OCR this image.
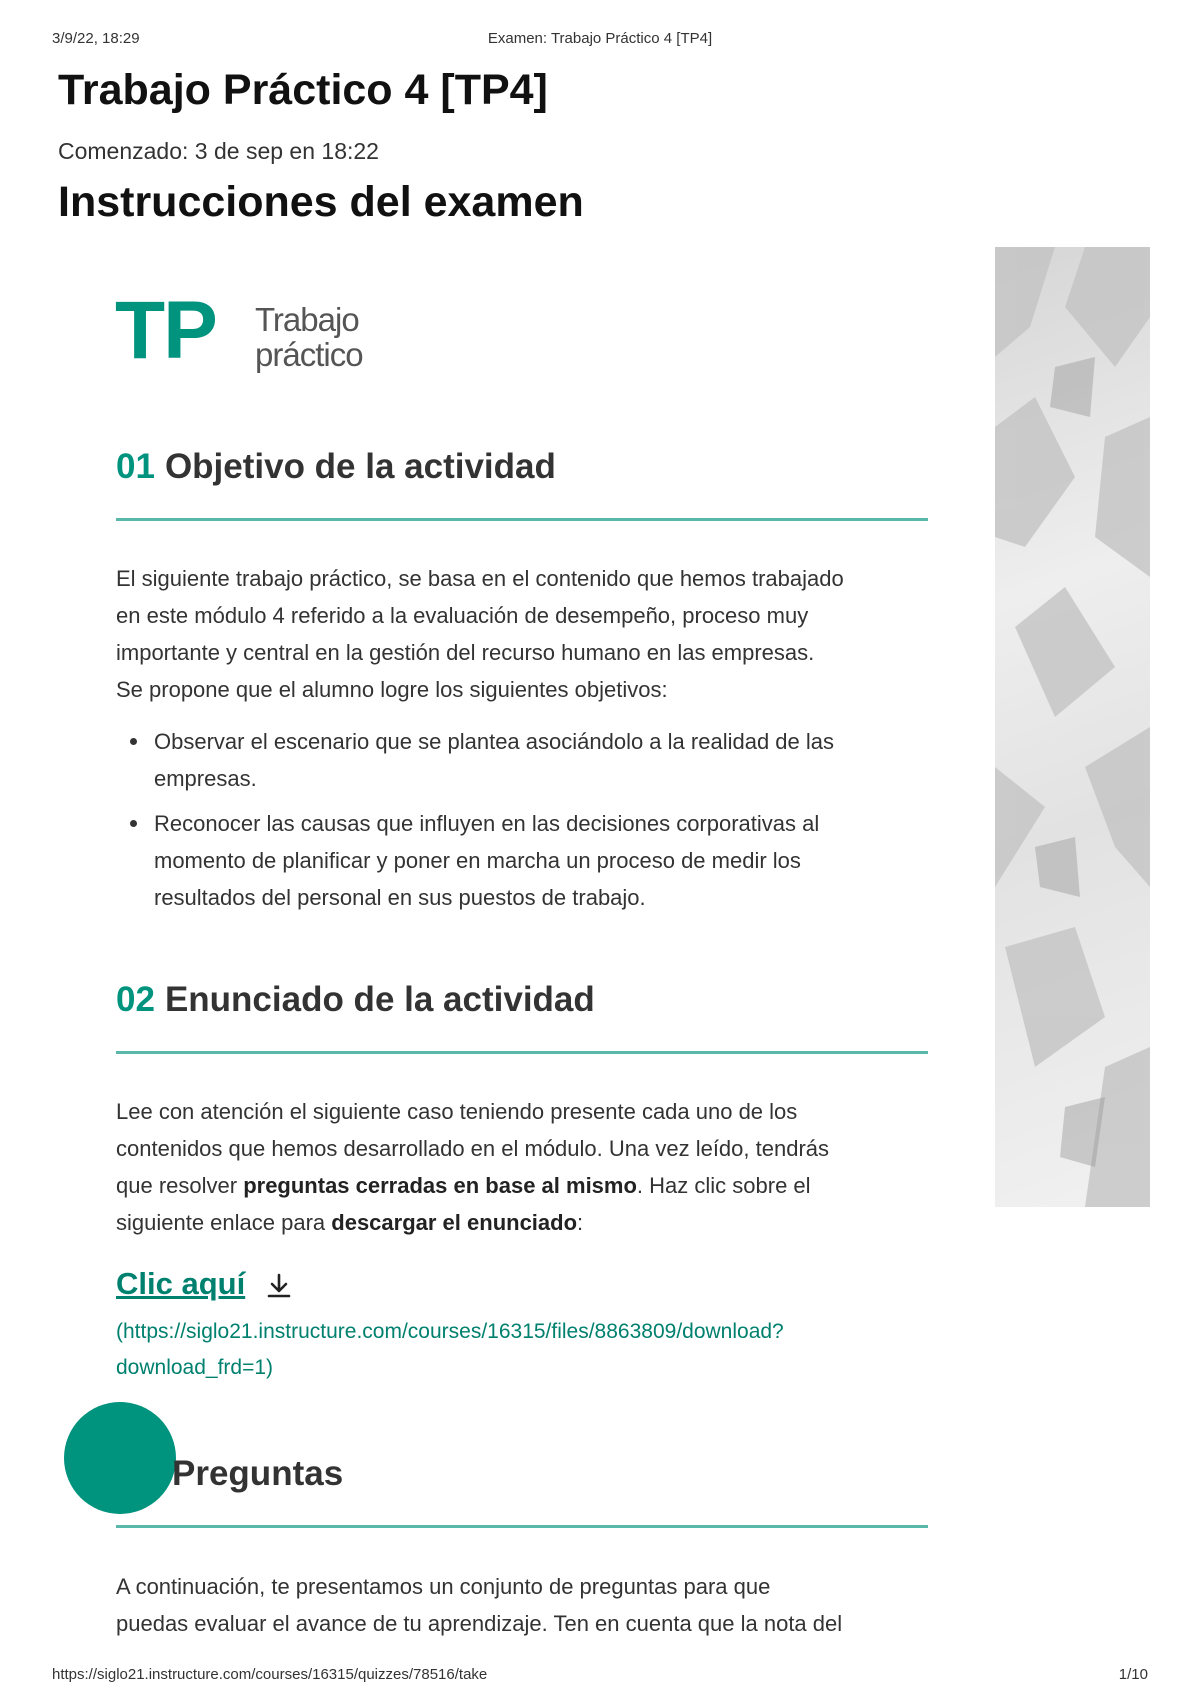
3/9/22, 18:29	Examen: Trabajo Práctico 4 [TP4]
Trabajo Práctico 4 [TP4]
Comenzado: 3 de sep en 18:22
Instrucciones del examen
TP Trabajo
práctico
01 Objetivo de la actividad

El siguiente trabajo práctico, se basa en el contenido que hemos trabajado
en este módulo 4 referido a la evaluación de desempeño, proceso muy
importante y central en la gestión del recurso humano en las empresas.
Se propone que el alumno logre los siguientes objetivos:

Observar el escenario que se plantea asociándolo a la realidad de las
empresas.
Reconocer las causas que influyen en las decisiones corporativas al
momento de planificar y poner en marcha un proceso de medir los
resultados del personal en sus puestos de trabajo.
02 Enunciado de la actividad

Lee con atención el siguiente caso teniendo presente cada uno de los
contenidos que hemos desarrollado en el módulo. Una vez leído, tendrás
que resolver preguntas cerradas en base al mismo. Haz clic sobre el
siguiente enlace para descargar el enunciado:

Clic aquí
(https://siglo21.instructure.com/courses/16315/files/8863809/download?
download_frd=1)
Preguntas

A continuación, te presentamos un conjunto de preguntas para que
puedas evaluar el avance de tu aprendizaje. Ten en cuenta que la nota del

https://siglo21.instructure.com/courses/16315/quizzes/78516/take	1/10
